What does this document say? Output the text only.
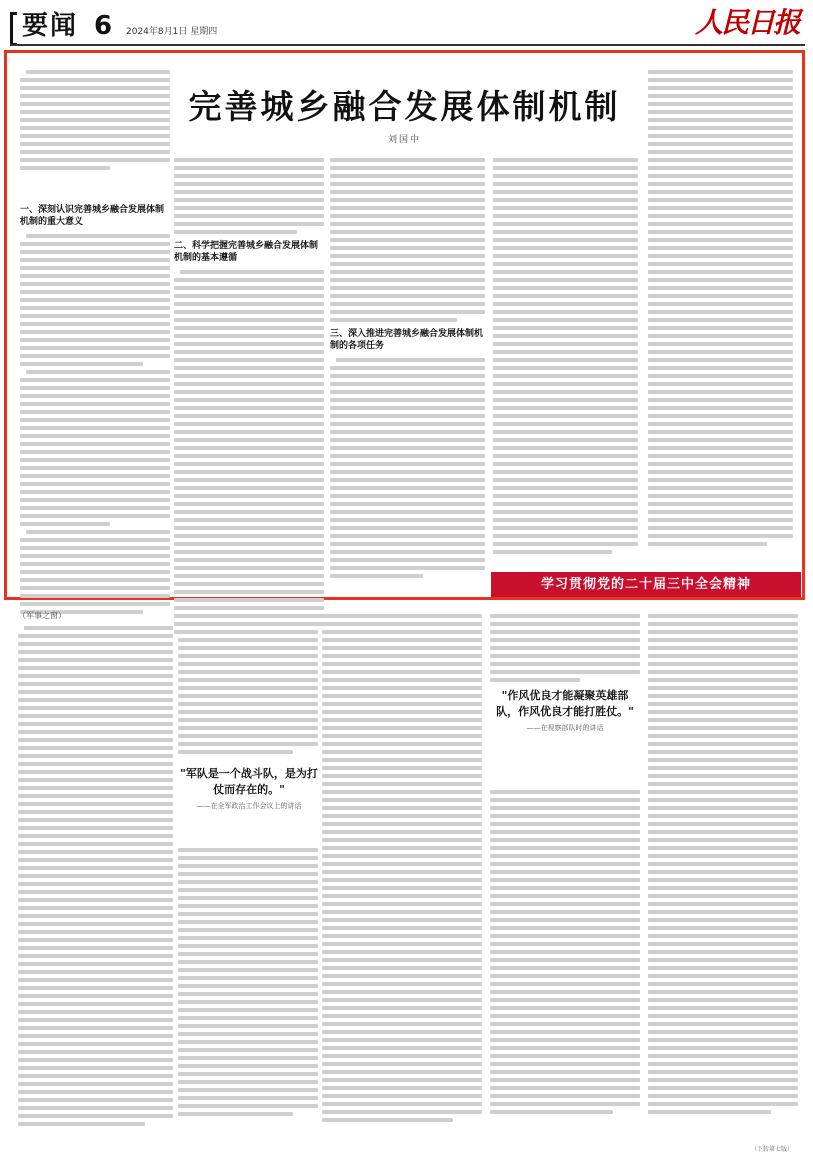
要闻 6 2024年8月1日 星期四	人民日报
完善城乡融合发展体制机制
刘国中
一、深刻认识完善城乡融合发展体制机制的重大意义
二、科学把握完善城乡融合发展体制机制的基本遵循
三、深入推进完善城乡融合发展体制机制的各项任务
学习贯彻党的二十届三中全会精神
（军事之窗）
"军队是一个战斗队，是为打仗而存在的。"
——在全军政治工作会议上的讲话
"作风优良才能凝聚英雄部队，作风优良才能打胜仗。"
——在视察部队时的讲话
（下转第七版）
